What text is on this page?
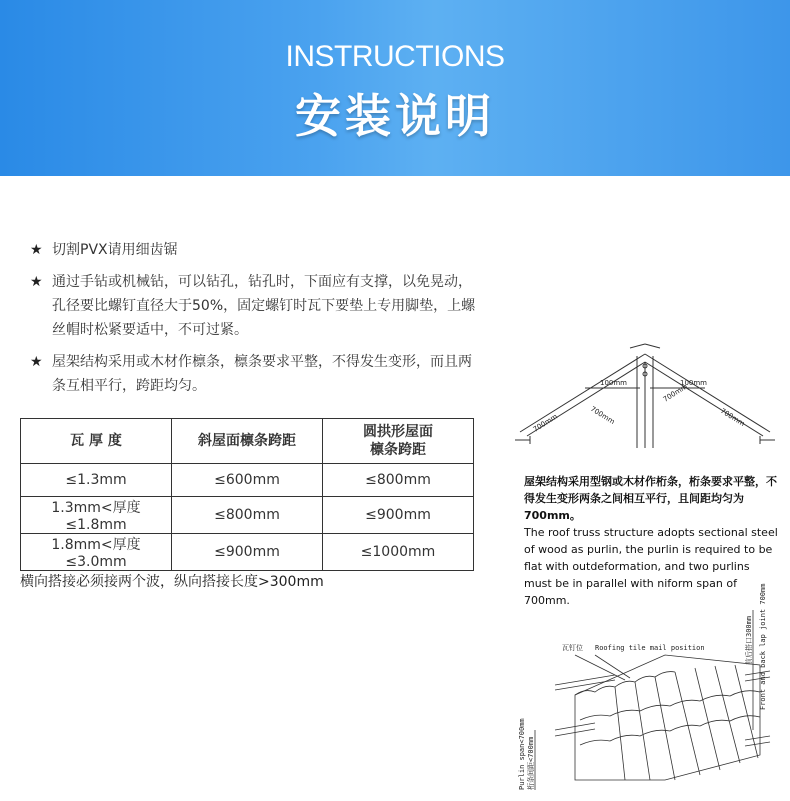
INSTRUCTIONS
安装说明
★ 切割PVX请用细齿锯
★ 通过手钻或机械钻，可以钻孔，钻孔时，下面应有支撑，以免晃动，孔径要比螺钉直径大于50%，固定螺钉时瓦下要垫上专用脚垫，上螺丝帽时松紧要适中，不可过紧。
★ 屋架结构采用或木材作檩条，檩条要求平整，不得发生变形，而且两条互相平行，跨距均匀。
瓦 厚 度	斜屋面檩条跨距	圆拱形屋面
檩条跨距
≤1.3mm	≤600mm	≤800mm
1.3mm<厚度≤1.8mm	≤800mm	≤900mm
1.8mm<厚度≤3.0mm	≤900mm	≤1000mm
横向搭接必须接两个波，纵向搭接长度>300mm
100mm	100mm
700mm	700mm
700mm
700mm
屋架结构采用型钢或木材作桁条，桁条要求平整，不得发生变形两条之间相互平行，且间距均匀为700mm。
The roof truss structure adopts sectional steel of wood as purlin, the purlin is required to be flat with outdeformation, and two purlins must be in parallel with niform span of 700mm.
瓦钉位 Roofing tile mail position	Front and back lap joint 700mm
前后搭口300mm
Purlin span<700mm 桁条间距<700mm
